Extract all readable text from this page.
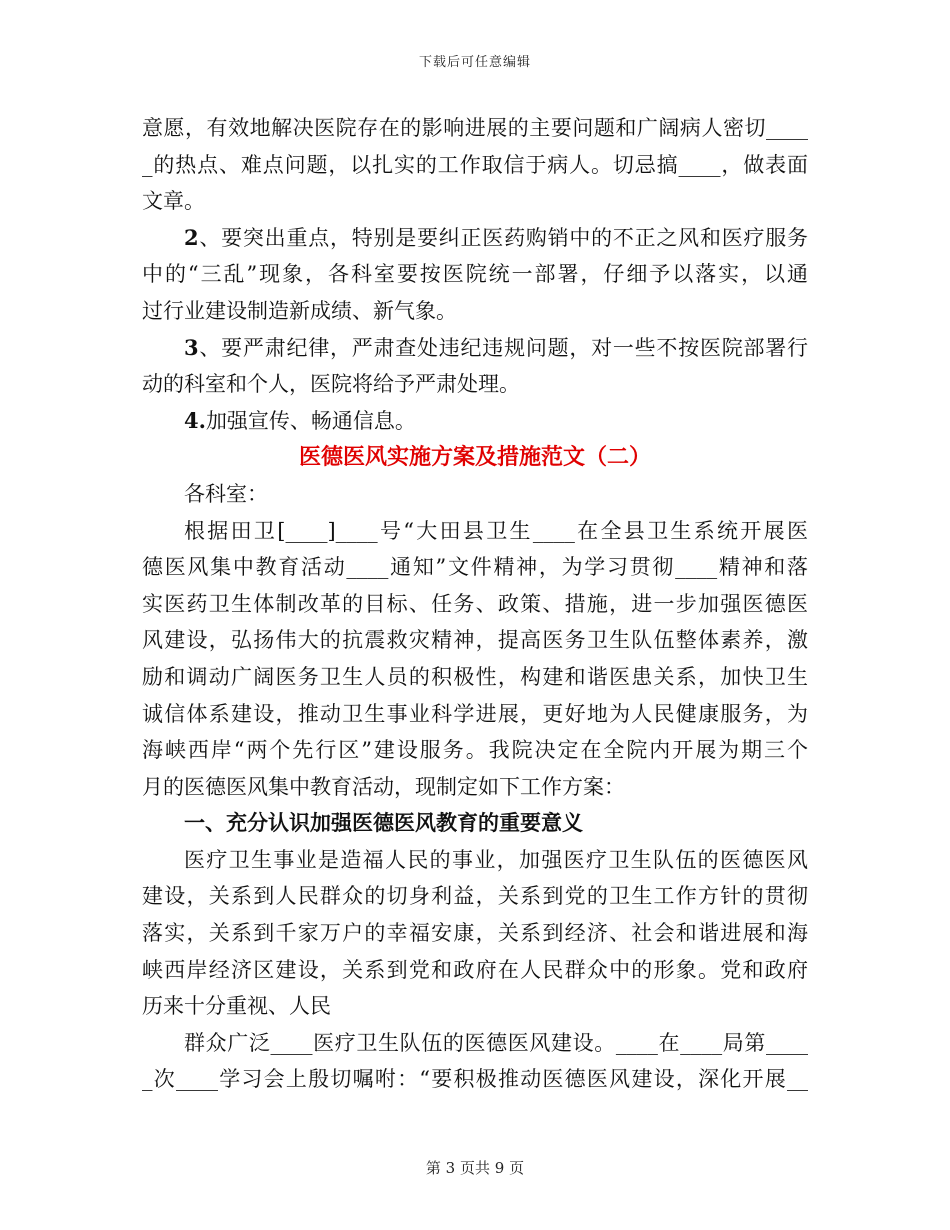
下载后可任意编辑
意愿，有效地解决医院存在的影响进展的主要问题和广阔病人密切____
_的热点、难点问题，以扎实的工作取信于病人。切忌搞____，做表面
文章。
2、要突出重点，特别是要纠正医药购销中的不正之风和医疗服务
中的“三乱”现象，各科室要按医院统一部署，仔细予以落实，以通
过行业建设制造新成绩、新气象。
3、要严肃纪律，严肃查处违纪违规问题，对一些不按医院部署行
动的科室和个人，医院将给予严肃处理。
4.加强宣传、畅通信息。
医德医风实施方案及措施范文（二）
各科室：
根据田卫[____]____号“大田县卫生____在全县卫生系统开展医
德医风集中教育活动____通知”文件精神，为学习贯彻____精神和落
实医药卫生体制改革的目标、任务、政策、措施，进一步加强医德医
风建设，弘扬伟大的抗震救灾精神，提高医务卫生队伍整体素养，激
励和调动广阔医务卫生人员的积极性，构建和谐医患关系，加快卫生
诚信体系建设，推动卫生事业科学进展，更好地为人民健康服务，为
海峡西岸“两个先行区”建设服务。我院决定在全院内开展为期三个
月的医德医风集中教育活动，现制定如下工作方案：
一、充分认识加强医德医风教育的重要意义
医疗卫生事业是造福人民的事业，加强医疗卫生队伍的医德医风
建设，关系到人民群众的切身利益，关系到党的卫生工作方针的贯彻
落实，关系到千家万户的幸福安康，关系到经济、社会和谐进展和海
峡西岸经济区建设，关系到党和政府在人民群众中的形象。党和政府
历来十分重视、人民
群众广泛____医疗卫生队伍的医德医风建设。____在____局第____
_次____学习会上殷切嘱咐：“要积极推动医德医风建设，深化开展__
第 3 页共 9 页
